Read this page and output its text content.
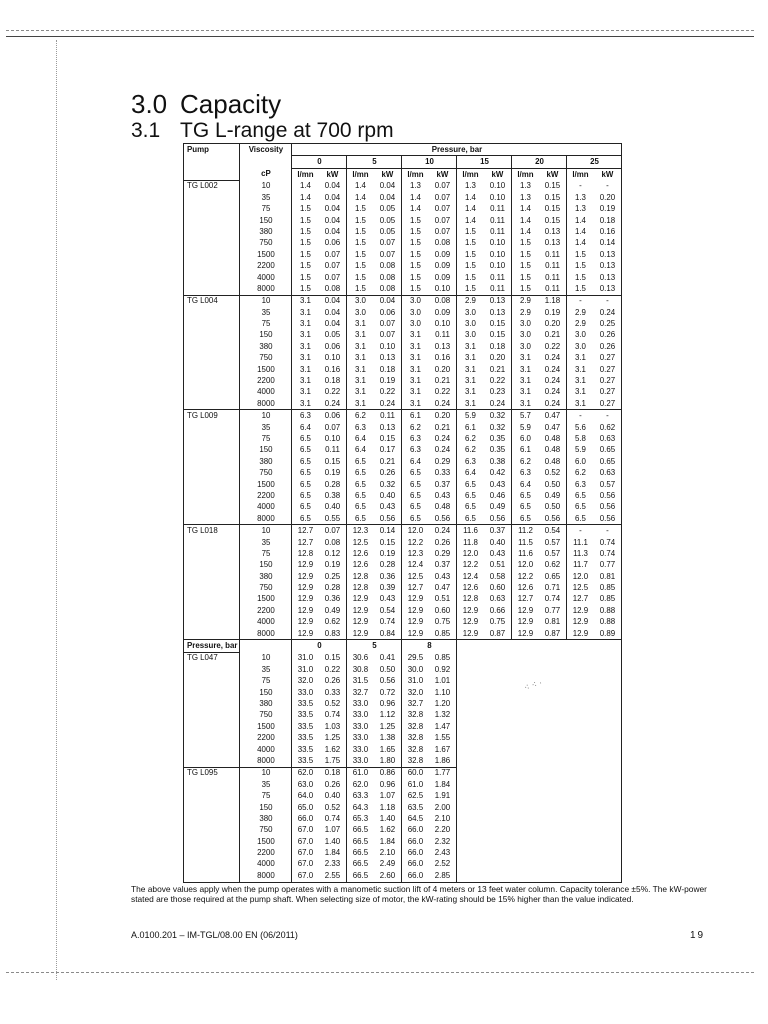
⁖ ⁖ ·
3.0 Capacity
3.1 TG L-range at 700 rpm
Pump	Viscosity	Pressure, bar											
		0		5		10		15		20		25	
	cP	l/mn	kW	l/mn	kW	l/mn	kW	l/mn	kW	l/mn	kW	l/mn	kW
TG L002	10	1.4	0.04	1.4	0.04	1.3	0.07	1.3	0.10	1.3	0.15	-	-
	35	1.4	0.04	1.4	0.04	1.4	0.07	1.4	0.10	1.3	0.15	1.3	0.20
	75	1.5	0.04	1.5	0.05	1.4	0.07	1.4	0.11	1.4	0.15	1.3	0.19
	150	1.5	0.04	1.5	0.05	1.5	0.07	1.4	0.11	1.4	0.15	1.4	0.18
	380	1.5	0.04	1.5	0.05	1.5	0.07	1.5	0.11	1.4	0.13	1.4	0.16
	750	1.5	0.06	1.5	0.07	1.5	0.08	1.5	0.10	1.5	0.13	1.4	0.14
	1500	1.5	0.07	1.5	0.07	1.5	0.09	1.5	0.10	1.5	0.11	1.5	0.13
	2200	1.5	0.07	1.5	0.08	1.5	0.09	1.5	0.10	1.5	0.11	1.5	0.13
	4000	1.5	0.07	1.5	0.08	1.5	0.09	1.5	0.11	1.5	0.11	1.5	0.13
	8000	1.5	0.08	1.5	0.08	1.5	0.10	1.5	0.11	1.5	0.11	1.5	0.13
TG L004	10	3.1	0.04	3.0	0.04	3.0	0.08	2.9	0.13	2.9	1.18	-	-
	35	3.1	0.04	3.0	0.06	3.0	0.09	3.0	0.13	2.9	0.19	2.9	0.24
	75	3.1	0.04	3.1	0.07	3.0	0.10	3.0	0.15	3.0	0.20	2.9	0.25
	150	3.1	0.05	3.1	0.07	3.1	0.11	3.0	0.15	3.0	0.21	3.0	0.26
	380	3.1	0.06	3.1	0.10	3.1	0.13	3.1	0.18	3.0	0.22	3.0	0.26
	750	3.1	0.10	3.1	0.13	3.1	0.16	3.1	0.20	3.1	0.24	3.1	0.27
	1500	3.1	0.16	3.1	0.18	3.1	0.20	3.1	0.21	3.1	0.24	3.1	0.27
	2200	3.1	0.18	3.1	0.19	3.1	0.21	3.1	0.22	3.1	0.24	3.1	0.27
	4000	3.1	0.22	3.1	0.22	3.1	0.22	3.1	0.23	3.1	0.24	3.1	0.27
	8000	3.1	0.24	3.1	0.24	3.1	0.24	3.1	0.24	3.1	0.24	3.1	0.27
TG L009	10	6.3	0.06	6.2	0.11	6.1	0.20	5.9	0.32	5.7	0.47	-	-
	35	6.4	0.07	6.3	0.13	6.2	0.21	6.1	0.32	5.9	0.47	5.6	0.62
	75	6.5	0.10	6.4	0.15	6.3	0.24	6.2	0.35	6.0	0.48	5.8	0.63
	150	6.5	0.11	6.4	0.17	6.3	0.24	6.2	0.35	6.1	0.48	5.9	0.65
	380	6.5	0.15	6.5	0.21	6.4	0.29	6.3	0.38	6.2	0.48	6.0	0.65
	750	6.5	0.19	6.5	0.26	6.5	0.33	6.4	0.42	6.3	0.52	6.2	0.63
	1500	6.5	0.28	6.5	0.32	6.5	0.37	6.5	0.43	6.4	0.50	6.3	0.57
	2200	6.5	0.38	6.5	0.40	6.5	0.43	6.5	0.46	6.5	0.49	6.5	0.56
	4000	6.5	0.40	6.5	0.43	6.5	0.48	6.5	0.49	6.5	0.50	6.5	0.56
	8000	6.5	0.55	6.5	0.56	6.5	0.56	6.5	0.56	6.5	0.56	6.5	0.56
TG L018	10	12.7	0.07	12.3	0.14	12.0	0.24	11.6	0.37	11.2	0.54	-	-
	35	12.7	0.08	12.5	0.15	12.2	0.26	11.8	0.40	11.5	0.57	11.1	0.74
	75	12.8	0.12	12.6	0.19	12.3	0.29	12.0	0.43	11.6	0.57	11.3	0.74
	150	12.9	0.19	12.6	0.28	12.4	0.37	12.2	0.51	12.0	0.62	11.7	0.77
	380	12.9	0.25	12.8	0.36	12.5	0.43	12.4	0.58	12.2	0.65	12.0	0.81
	750	12.9	0.28	12.8	0.39	12.7	0.47	12.6	0.60	12.6	0.71	12.5	0.85
	1500	12.9	0.36	12.9	0.43	12.9	0.51	12.8	0.63	12.7	0.74	12.7	0.85
	2200	12.9	0.49	12.9	0.54	12.9	0.60	12.9	0.66	12.9	0.77	12.9	0.88
	4000	12.9	0.62	12.9	0.74	12.9	0.75	12.9	0.75	12.9	0.81	12.9	0.88
	8000	12.9	0.83	12.9	0.84	12.9	0.85	12.9	0.87	12.9	0.87	12.9	0.89
Pressure, bar		0		5		8							
TG L047	10	31.0	0.15	30.6	0.41	29.5	0.85						
	35	31.0	0.22	30.8	0.50	30.0	0.92						
	75	32.0	0.26	31.5	0.56	31.0	1.01						
	150	33.0	0.33	32.7	0.72	32.0	1.10						
	380	33.5	0.52	33.0	0.96	32.7	1.20						
	750	33.5	0.74	33.0	1.12	32.8	1.32						
	1500	33.5	1.03	33.0	1.25	32.8	1.47						
	2200	33.5	1.25	33.0	1.38	32.8	1.55						
	4000	33.5	1.62	33.0	1.65	32.8	1.67						
	8000	33.5	1.75	33.0	1.80	32.8	1.86						
TG L095	10	62.0	0.18	61.0	0.86	60.0	1.77						
	35	63.0	0.26	62.0	0.96	61.0	1.84						
	75	64.0	0.40	63.3	1.07	62.5	1.91						
	150	65.0	0.52	64.3	1.18	63.5	2.00						
	380	66.0	0.74	65.3	1.40	64.5	2.10						
	750	67.0	1.07	66.5	1.62	66.0	2.20						
	1500	67.0	1.40	66.5	1.84	66.0	2.32						
	2200	67.0	1.84	66.5	2.10	66.0	2.43						
	4000	67.0	2.33	66.5	2.49	66.0	2.52						
	8000	67.0	2.55	66.5	2.60	66.0	2.85						
The above values apply when the pump operates with a manometic suction lift of 4 meters or 13 feet water column. Capacity tolerance ±5%. The kW-power stated are those required at the pump shaft. When selecting size of motor, the kW-rating should be 15% higher than the value indicated.
A.0100.201 – IM-TGL/08.00 EN (06/2011)	19
